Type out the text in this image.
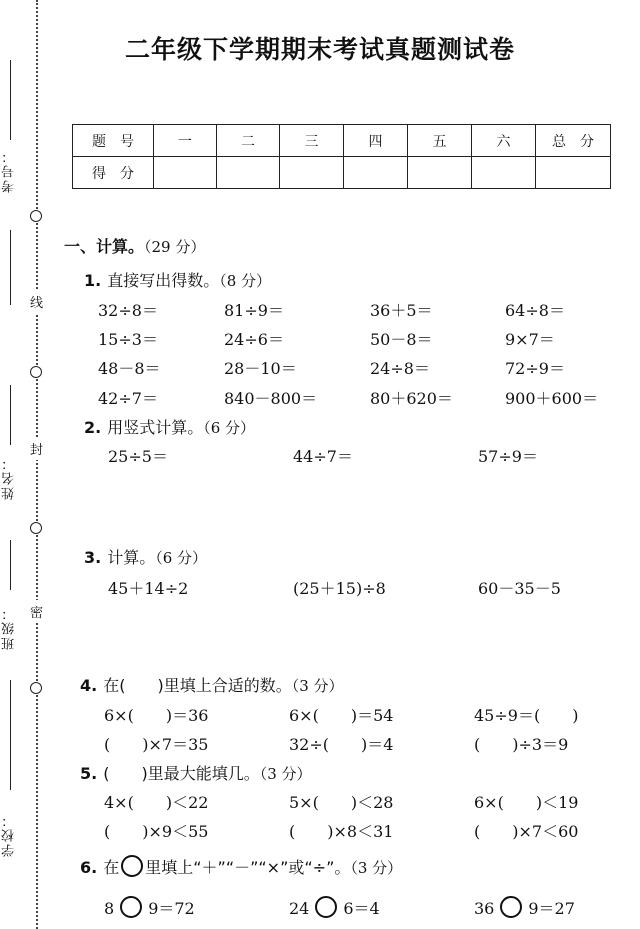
考号：
姓名：
班级：
学校：
线
封
密
二年级下学期期末考试真题测试卷
题　号	一	二	三	四	五	六	总　分
得　分							
一、计算。（29 分）
1. 直接写出得数。（8 分）
32÷8＝	81÷9＝	36＋5＝	64÷8＝
15÷3＝	24÷6＝	50－8＝	9×7＝
48－8＝	28－10＝	24÷8＝	72÷9＝
42÷7＝	840－800＝	80＋620＝	900＋600＝
2. 用竖式计算。（6 分）
25÷5＝	44÷7＝	57÷9＝
3. 计算。（6 分）
45＋14÷2	(25＋15)÷8	60－35－5
4. 在(　　)里填上合适的数。（3 分）
6×(　　)＝36	6×(　　)＝54	45÷9＝(　　)
(　　)×7＝35	32÷(　　)＝4	(　　)÷3＝9
5. (　　)里最大能填几。（3 分）
4×(　　)＜22	5×(　　)＜28	6×(　　)＜19
(　　)×9＜55	(　　)×8＜31	(　　)×7＜60
6. 在 里填上“＋”“－”“×”或“÷”。（3 分）
8 9＝72	24 6＝4	36 9＝27
